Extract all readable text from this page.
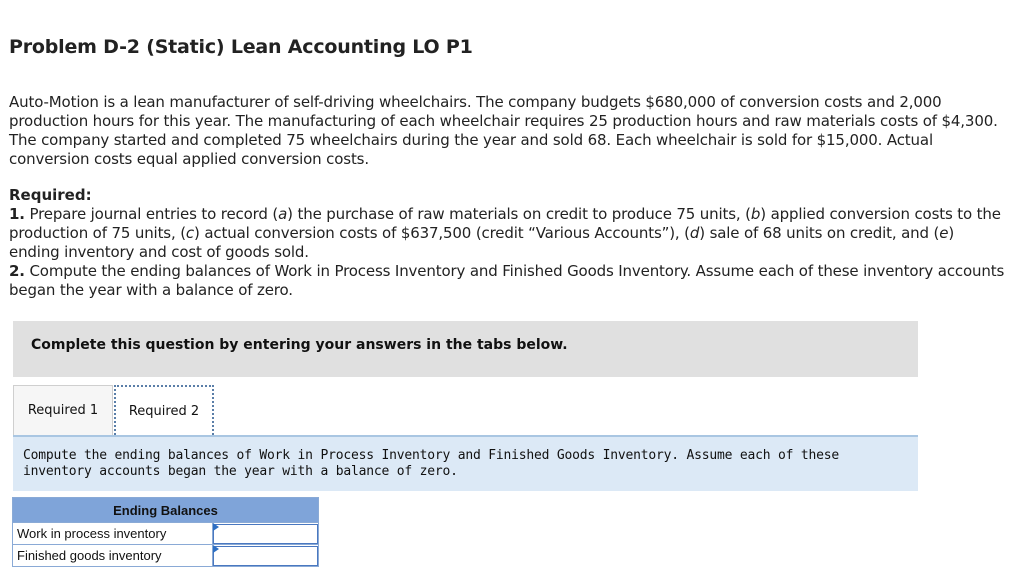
Problem D-2 (Static) Lean Accounting LO P1
Auto-Motion is a lean manufacturer of self-driving wheelchairs. The company budgets $680,000 of conversion costs and 2,000 production hours for this year. The manufacturing of each wheelchair requires 25 production hours and raw materials costs of $4,300. The company started and completed 75 wheelchairs during the year and sold 68. Each wheelchair is sold for $15,000. Actual conversion costs equal applied conversion costs.
Required:
1. Prepare journal entries to record (a) the purchase of raw materials on credit to produce 75 units, (b) applied conversion costs to the production of 75 units, (c) actual conversion costs of $637,500 (credit “Various Accounts”), (d) sale of 68 units on credit, and (e) ending inventory and cost of goods sold.
2. Compute the ending balances of Work in Process Inventory and Finished Goods Inventory. Assume each of these inventory accounts began the year with a balance of zero.
Complete this question by entering your answers in the tabs below.
Required 1	Required 2
Compute the ending balances of Work in Process Inventory and Finished Goods Inventory. Assume each of these inventory accounts began the year with a balance of zero.
Ending Balances	
Work in process inventory	

Finished goods inventory	
